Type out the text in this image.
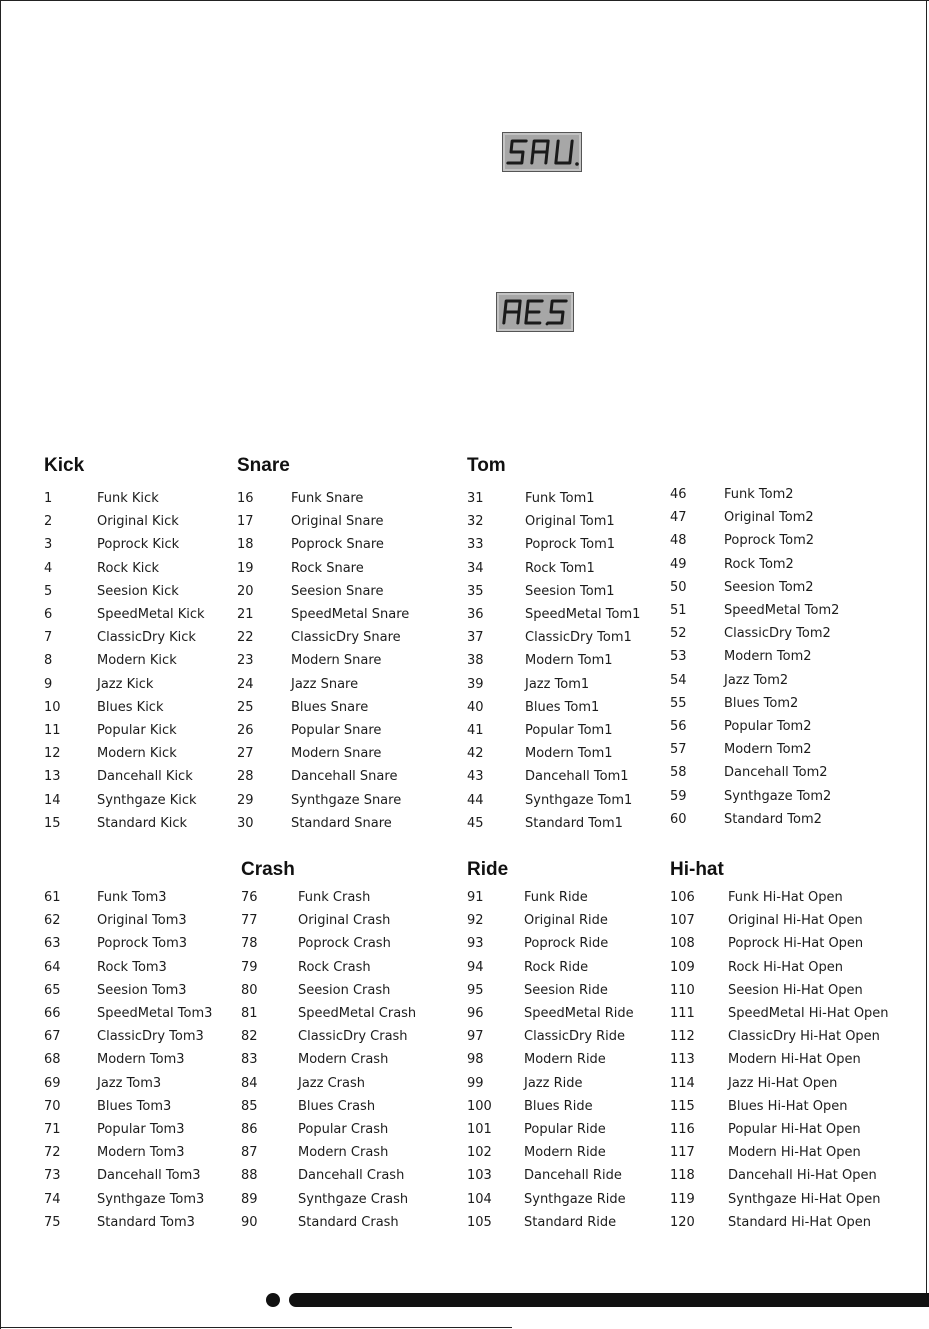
Kick
1	Funk Kick
2	Original Kick
3	Poprock Kick
4	Rock Kick
5	Seesion Kick
6	SpeedMetal Kick
7	ClassicDry Kick
8	Modern Kick
9	Jazz Kick
10	Blues Kick
11	Popular Kick
12	Modern Kick
13	Dancehall Kick
14	Synthgaze Kick
15	Standard Kick
Snare
16	Funk Snare
17	Original Snare
18	Poprock Snare
19	Rock Snare
20	Seesion Snare
21	SpeedMetal Snare
22	ClassicDry Snare
23	Modern Snare
24	Jazz Snare
25	Blues Snare
26	Popular Snare
27	Modern Snare
28	Dancehall Snare
29	Synthgaze Snare
30	Standard Snare
Tom
31	Funk Tom1
32	Original Tom1
33	Poprock Tom1
34	Rock Tom1
35	Seesion Tom1
36	SpeedMetal Tom1
37	ClassicDry Tom1
38	Modern Tom1
39	Jazz Tom1
40	Blues Tom1
41	Popular Tom1
42	Modern Tom1
43	Dancehall Tom1
44	Synthgaze Tom1
45	Standard Tom1
46	Funk Tom2
47	Original Tom2
48	Poprock Tom2
49	Rock Tom2
50	Seesion Tom2
51	SpeedMetal Tom2
52	ClassicDry Tom2
53	Modern Tom2
54	Jazz Tom2
55	Blues Tom2
56	Popular Tom2
57	Modern Tom2
58	Dancehall Tom2
59	Synthgaze Tom2
60	Standard Tom2
61	Funk Tom3
62	Original Tom3
63	Poprock Tom3
64	Rock Tom3
65	Seesion Tom3
66	SpeedMetal Tom3
67	ClassicDry Tom3
68	Modern Tom3
69	Jazz Tom3
70	Blues Tom3
71	Popular Tom3
72	Modern Tom3
73	Dancehall Tom3
74	Synthgaze Tom3
75	Standard Tom3
Crash
76	Funk Crash
77	Original Crash
78	Poprock Crash
79	Rock Crash
80	Seesion Crash
81	SpeedMetal Crash
82	ClassicDry Crash
83	Modern Crash
84	Jazz Crash
85	Blues Crash
86	Popular Crash
87	Modern Crash
88	Dancehall Crash
89	Synthgaze Crash
90	Standard Crash
Ride
91	Funk Ride
92	Original Ride
93	Poprock Ride
94	Rock Ride
95	Seesion Ride
96	SpeedMetal Ride
97	ClassicDry Ride
98	Modern Ride
99	Jazz Ride
100 Blues Ride
101 Popular Ride
102 Modern Ride
103 Dancehall Ride
104 Synthgaze Ride
105 Standard Ride
Hi-hat
106	Funk Hi-Hat Open
107	Original Hi-Hat Open
108	Poprock Hi-Hat Open
109	Rock Hi-Hat Open
110	Seesion Hi-Hat Open
111	SpeedMetal Hi-Hat Open
112	ClassicDry Hi-Hat Open
113	Modern Hi-Hat Open
114	Jazz Hi-Hat Open
115	Blues Hi-Hat Open
116	Popular Hi-Hat Open
117	Modern Hi-Hat Open
118	Dancehall Hi-Hat Open
119	Synthgaze Hi-Hat Open
120	Standard Hi-Hat Open
